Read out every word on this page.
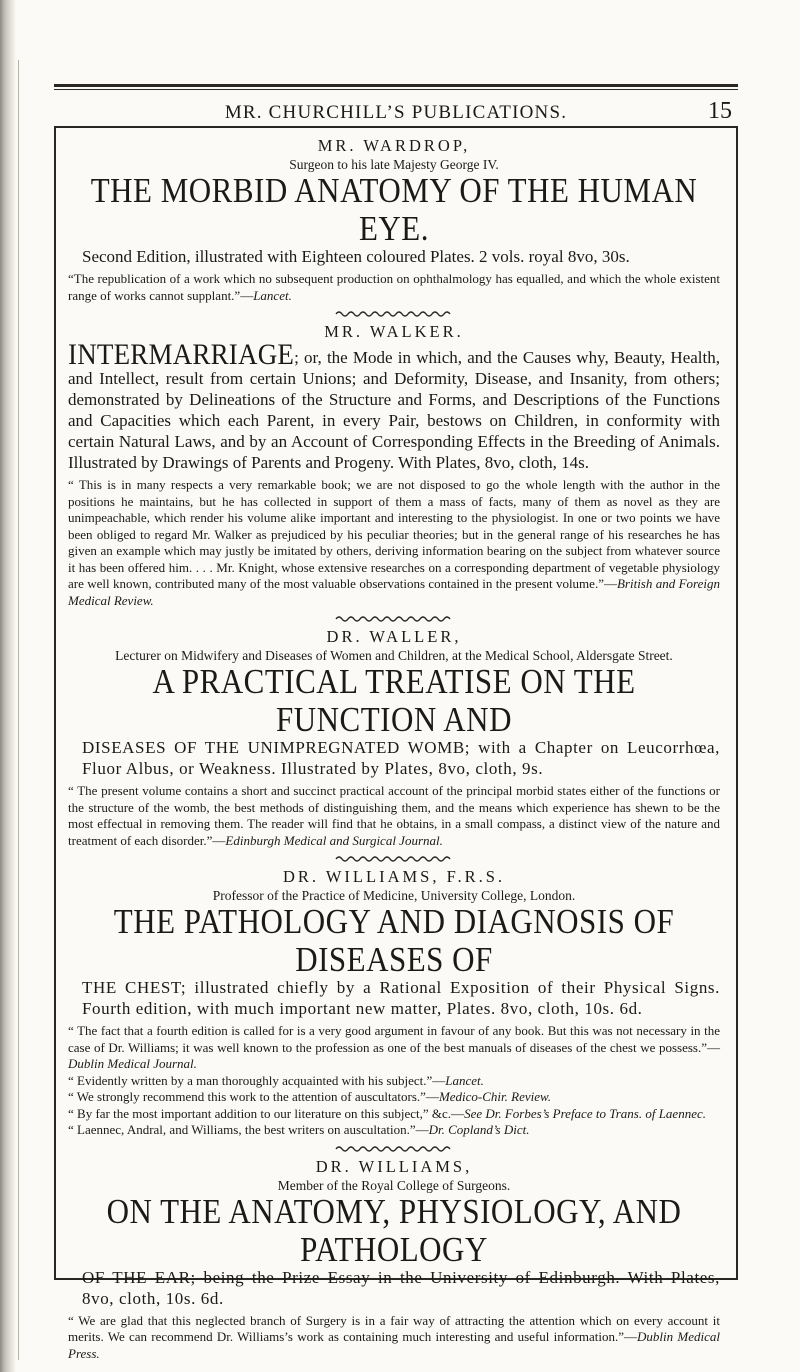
MR. CHURCHILL’S PUBLICATIONS.	15

MR. WARDROP,

Surgeon to his late Majesty George IV.

THE MORBID ANATOMY OF THE HUMAN EYE.

Second Edition, illustrated with Eighteen coloured Plates. 2 vols. royal 8vo, 30s.

“The republication of a work which no subsequent production on ophthalmology has equalled, and which the whole existent range of works cannot supplant.”—Lancet.

MR. WALKER.

INTERMARRIAGE; or, the Mode in which, and the Causes why, Beauty, Health, and Intellect, result from certain Unions; and Deformity, Disease, and Insanity, from others; demonstrated by Delineations of the Structure and Forms, and Descriptions of the Functions and Capacities which each Parent, in every Pair, bestows on Children, in conformity with certain Natural Laws, and by an Account of Corresponding Effects in the Breeding of Animals. Illustrated by Drawings of Parents and Progeny. With Plates, 8vo, cloth, 14s.

“ This is in many respects a very remarkable book; we are not disposed to go the whole length with the author in the positions he maintains, but he has collected in support of them a mass of facts, many of them as novel as they are unimpeachable, which render his volume alike important and interesting to the physiologist. In one or two points we have been obliged to regard Mr. Walker as prejudiced by his peculiar theories; but in the general range of his researches he has given an example which may justly be imitated by others, deriving information bearing on the subject from whatever source it has been offered him. . . . Mr. Knight, whose extensive researches on a corresponding department of vegetable physiology are well known, contributed many of the most valuable observations contained in the present volume.”—British and Foreign Medical Review.

DR. WALLER,

Lecturer on Midwifery and Diseases of Women and Children, at the Medical School, Aldersgate Street.

A PRACTICAL TREATISE ON THE FUNCTION AND

DISEASES OF THE UNIMPREGNATED WOMB; with a Chapter on Leucorrhœa, Fluor Albus, or Weakness. Illustrated by Plates, 8vo, cloth, 9s.

“ The present volume contains a short and succinct practical account of the principal morbid states either of the functions or the structure of the womb, the best methods of distinguishing them, and the means which experience has shewn to be the most effectual in removing them. The reader will find that he obtains, in a small compass, a distinct view of the nature and treatment of each disorder.”—Edinburgh Medical and Surgical Journal.

DR. WILLIAMS, F.R.S.

Professor of the Practice of Medicine, University College, London.

THE PATHOLOGY AND DIAGNOSIS OF DISEASES OF

THE CHEST; illustrated chiefly by a Rational Exposition of their Physical Signs. Fourth edition, with much important new matter, Plates. 8vo, cloth, 10s. 6d.

“ The fact that a fourth edition is called for is a very good argument in favour of any book. But this was not necessary in the case of Dr. Williams; it was well known to the profession as one of the best manuals of diseases of the chest we possess.”—Dublin Medical Journal.

“ Evidently written by a man thoroughly acquainted with his subject.”—Lancet.

“ We strongly recommend this work to the attention of auscultators.”—Medico-Chir. Review.

“ By far the most important addition to our literature on this subject,” &c.—See Dr. Forbes’s Preface to Trans. of Laennec.

“ Laennec, Andral, and Williams, the best writers on auscultation.”—Dr. Copland’s Dict.

DR. WILLIAMS,

Member of the Royal College of Surgeons.

ON THE ANATOMY, PHYSIOLOGY, AND PATHOLOGY

OF THE EAR; being the Prize Essay in the University of Edinburgh. With Plates, 8vo, cloth, 10s. 6d.

“ We are glad that this neglected branch of Surgery is in a fair way of attracting the attention which on every account it merits. We can recommend Dr. Williams’s work as containing much interesting and useful information.”—Dublin Medical Press.
